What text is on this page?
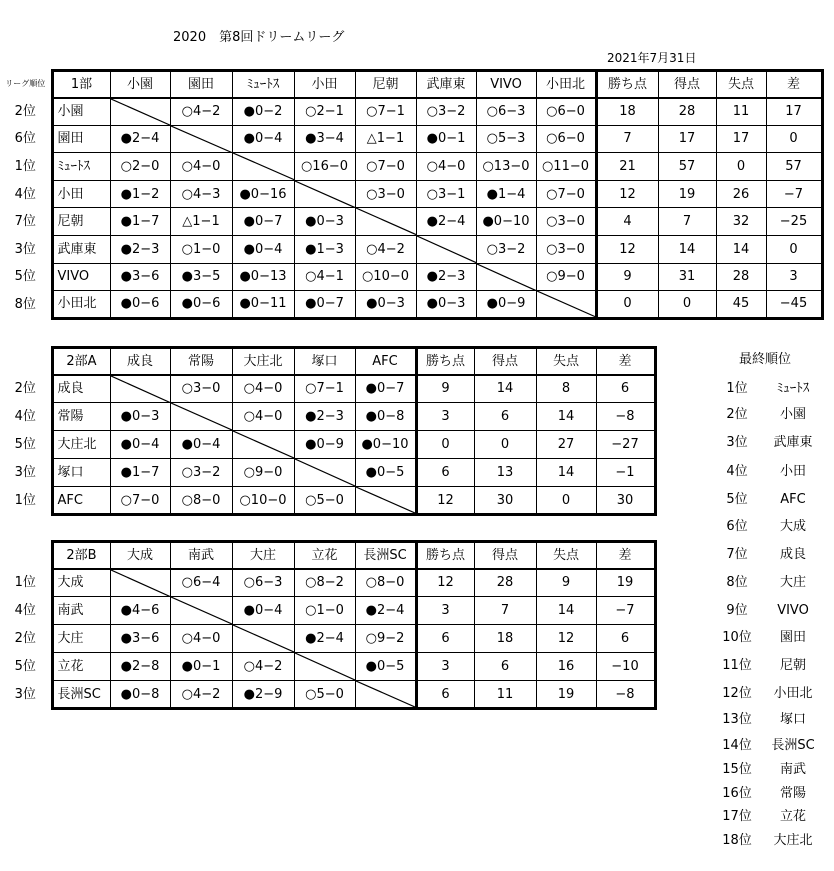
2020　第8回ドリームリーグ
2021年7月31日
リーグ順位	1部	小園	園田	ﾐｭｰﾄｽ	小田	尼朝	武庫東	VIVO	小田北	勝ち点	得点	失点	差
2位	小園		○4−2	●0−2	○2−1	○7−1	○3−2	○6−3	○6−0	18	28	11	17
6位	園田	●2−4		●0−4	●3−4	△1−1	●0−1	○5−3	○6−0	7	17	17	0
1位	ﾐｭｰﾄｽ	○2−0	○4−0		○16−0	○7−0	○4−0	○13−0	○11−0	21	57	0	57
4位	小田	●1−2	○4−3	●0−16		○3−0	○3−1	●1−4	○7−0	12	19	26	−7
7位	尼朝	●1−7	△1−1	●0−7	●0−3		●2−4	●0−10	○3−0	4	7	32	−25
3位	武庫東	●2−3	○1−0	●0−4	●1−3	○4−2		○3−2	○3−0	12	14	14	0
5位	VIVO	●3−6	●3−5	●0−13	○4−1	○10−0	●2−3		○9−0	9	31	28	3
8位	小田北	●0−6	●0−6	●0−11	●0−7	●0−3	●0−3	●0−9		0	0	45	−45
	2部A	成良	常陽	大庄北	塚口	AFC	勝ち点	得点	失点	差
2位	成良		○3−0	○4−0	○7−1	●0−7	9	14	8	6
4位	常陽	●0−3		○4−0	●2−3	●0−8	3	6	14	−8
5位	大庄北	●0−4	●0−4		●0−9	●0−10	0	0	27	−27
3位	塚口	●1−7	○3−2	○9−0		●0−5	6	13	14	−1
1位	AFC	○7−0	○8−0	○10−0	○5−0		12	30	0	30
	2部B	大成	南武	大庄	立花	長洲SC	勝ち点	得点	失点	差
1位	大成		○6−4	○6−3	○8−2	○8−0	12	28	9	19
4位	南武	●4−6		●0−4	○1−0	●2−4	3	7	14	−7
2位	大庄	●3−6	○4−0		●2−4	○9−2	6	18	12	6
5位	立花	●2−8	●0−1	○4−2		●0−5	3	6	16	−10
3位	長洲SC	●0−8	○4−2	●2−9	○5−0		6	11	19	−8
最終順位
1位	ﾐｭｰﾄｽ
2位	小園
3位	武庫東
4位	小田
5位	AFC
6位	大成
7位	成良
8位	大庄
9位	VIVO
10位	園田
11位	尼朝
12位	小田北
13位	塚口
14位	長洲SC
15位	南武
16位	常陽
17位	立花
18位	大庄北
